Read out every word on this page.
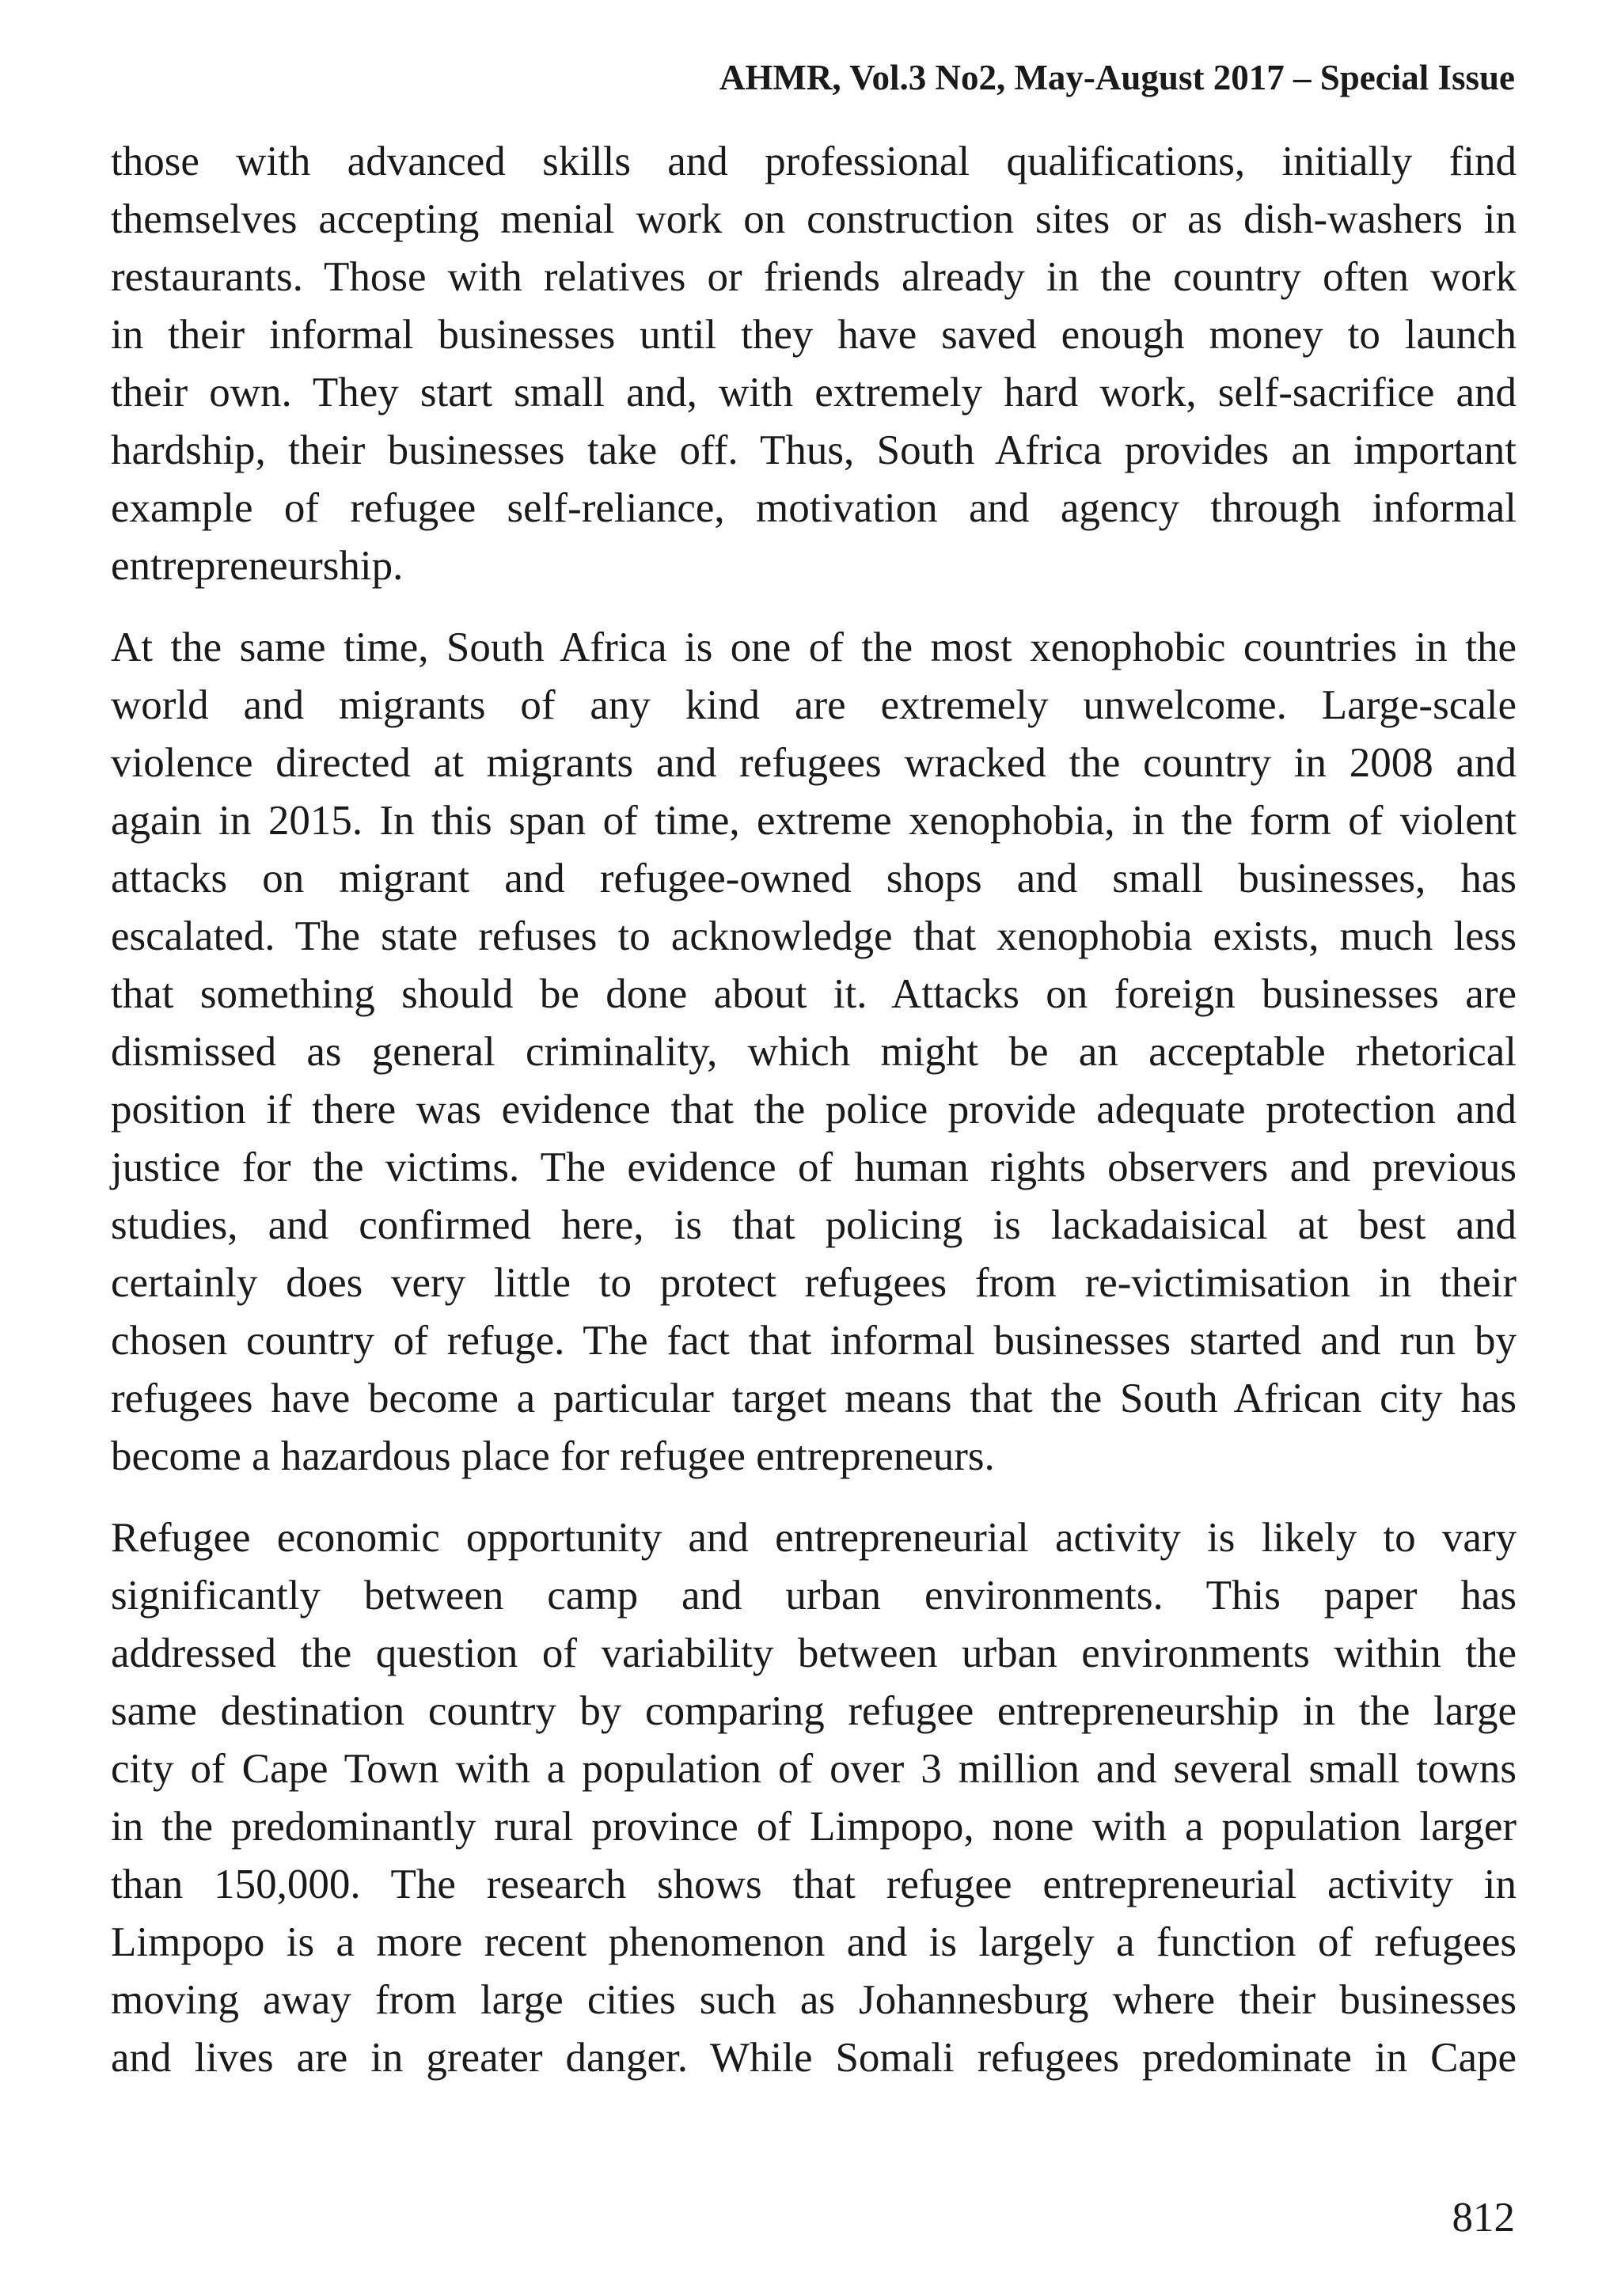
AHMR, Vol.3 No2, May-August 2017 – Special Issue

those with advanced skills and professional qualifications, initially find
themselves accepting menial work on construction sites or as dish-washers in
restaurants. Those with relatives or friends already in the country often work
in their informal businesses until they have saved enough money to launch
their own. They start small and, with extremely hard work, self-sacrifice and
hardship, their businesses take off. Thus, South Africa provides an important
example of refugee self-reliance, motivation and agency through informal
entrepreneurship.

At the same time, South Africa is one of the most xenophobic countries in the
world and migrants of any kind are extremely unwelcome. Large-scale
violence directed at migrants and refugees wracked the country in 2008 and
again in 2015. In this span of time, extreme xenophobia, in the form of violent
attacks on migrant and refugee-owned shops and small businesses, has
escalated. The state refuses to acknowledge that xenophobia exists, much less
that something should be done about it. Attacks on foreign businesses are
dismissed as general criminality, which might be an acceptable rhetorical
position if there was evidence that the police provide adequate protection and
justice for the victims. The evidence of human rights observers and previous
studies, and confirmed here, is that policing is lackadaisical at best and
certainly does very little to protect refugees from re-victimisation in their
chosen country of refuge. The fact that informal businesses started and run by
refugees have become a particular target means that the South African city has
become a hazardous place for refugee entrepreneurs.

Refugee economic opportunity and entrepreneurial activity is likely to vary
significantly between camp and urban environments. This paper has
addressed the question of variability between urban environments within the
same destination country by comparing refugee entrepreneurship in the large
city of Cape Town with a population of over 3 million and several small towns
in the predominantly rural province of Limpopo, none with a population larger
than 150,000. The research shows that refugee entrepreneurial activity in
Limpopo is a more recent phenomenon and is largely a function of refugees
moving away from large cities such as Johannesburg where their businesses
and lives are in greater danger. While Somali refugees predominate in Cape

812
